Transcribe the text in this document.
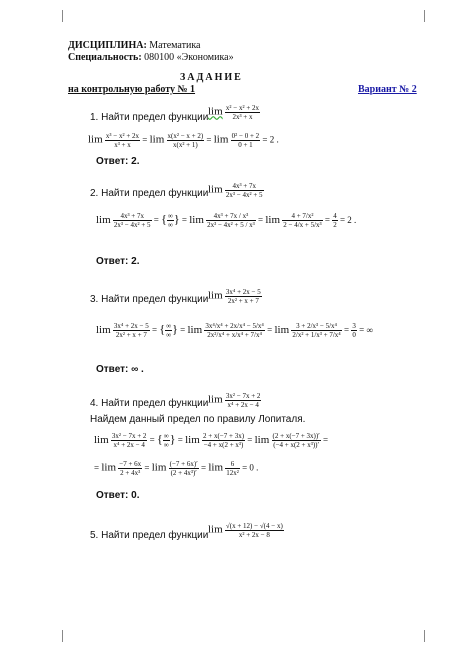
ДИСЦИПЛИНА: Математика
Специальность: 080100 «Экономика»
ЗАДАНИЕ
на контрольную работу № 1	Вариант № 2
1. Найти предел функции $\lim \frac{\text{x² − x² + 2x}}{\text{2x³ + x}}$
$\lim \frac{\text{x³ − x² + 2x}}{\text{x³ + x}} = \lim \frac{\text{x(x² − x + 2)}}{\text{x(x² + 1)}} = \lim \frac{\text{0² − 0 + 2}}{0 + 1} = 2$ .
Ответ: 2.
2. Найти предел функции $\lim \frac{\text{4x³ + 7x}}{\text{2x³ − 4x² + 5}}$
$\lim \frac{\text{4x³ + 7x}}{\text{2x³ − 4x² + 5}}$ = { $\frac{\infty}{\infty}$ } = $\lim \frac{\text{4x³ + 7x / x³}}{\text{2x³ − 4x² + 5 / x³}} = \lim \frac{\text{4 + 7/x²}}{\text{2 − 4/x + 5/x³}} = \frac{4}{2} = 2$ .
Ответ: 2.
3. Найти предел функции $\lim \frac{\text{3x⁴ + 2x − 5}}{\text{2x² + x + 7}}$
$\lim \frac{\text{3x⁴ + 2x − 5}}{\text{2x² + x + 7}}$ = { $\frac{\infty}{\infty}$ } = $\lim \frac{\text{3x⁴/x⁴ + 2x/x⁴ − 5/x⁴}}{\text{2x²/x⁴ + x/x⁴ + 7/x⁴}} = \lim \frac{\text{3 + 2/x³ − 5/x⁴}}{\text{2/x² + 1/x³ + 7/x⁴}} = \frac{3}{0}$ = ∞
Ответ: ∞ .
4. Найти предел функции $\lim \frac{\text{3x² − 7x + 2}}{\text{x⁴ + 2x − 4}}$
Найдем данный предел по правилу Лопиталя.
$\lim \frac{\text{3x² − 7x + 2}}{\text{x⁴ + 2x − 4}}$ = { $\frac{\infty}{\infty}$ } = $\lim \frac{2 + x(-7 + 3x)}{\text{−4 + x(2 + x³)}} = \lim \frac{(2 + x(-7 + 3x))'}{\text{(−4 + x(2 + x³))′}}$ =
= $\lim \frac{-7 + 6x}{\text{2 + 4x³}} = \lim \frac{(-7 + 6x)'}{\text{(2 + 4x³)′}} = \lim \frac{6}{\text{12x²}} = 0$ .
Ответ: 0.
5. Найти предел функции $\lim \frac{√(x + 12) - √(4 - x)}{\text{x² + 2x − 8}}$
